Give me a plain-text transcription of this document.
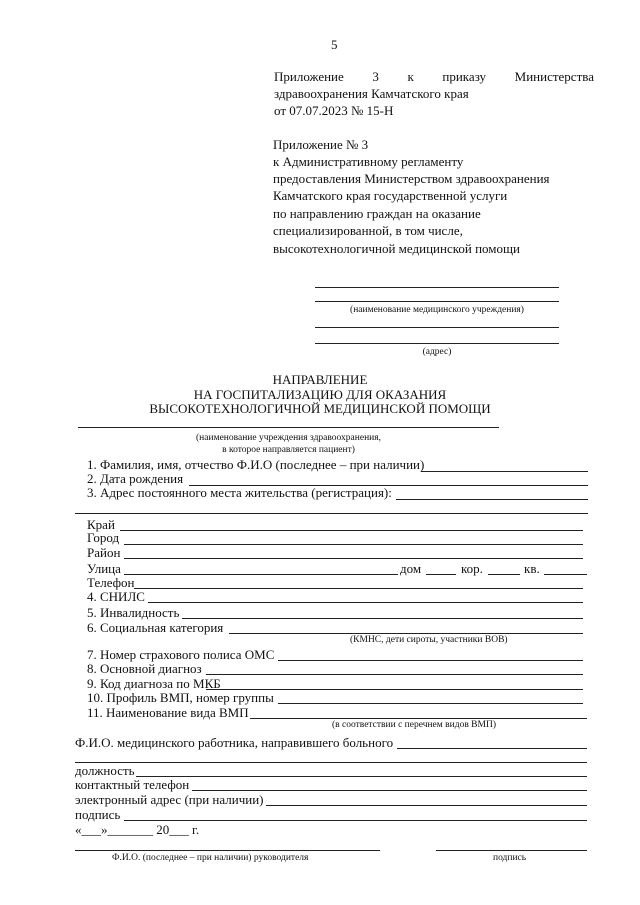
5
Приложение 3 к приказу Министерства
здравоохранения Камчатского края
от 07.07.2023 № 15-Н
Приложение № 3
к Административному регламенту
предоставления Министерством здравоохранения
Камчатского края государственной услуги
по направлению граждан на оказание
специализированной, в том числе,
высокотехнологичной медицинской помощи
(наименование медицинского учреждения)
(адрес)
НАПРАВЛЕНИЕ
НА ГОСПИТАЛИЗАЦИЮ ДЛЯ ОКАЗАНИЯ
ВЫСОКОТЕХНОЛОГИЧНОЙ МЕДИЦИНСКОЙ ПОМОЩИ
(наименование учреждения здравоохранения,
в которое направляется пациент)
1. Фамилия, имя, отчество Ф.И.О (последнее – при наличии)
2. Дата рождения
3. Адрес постоянного места жительства (регистрация):
Край
Город
Район
Улица	дом	кор.	кв.
Телефон
4. СНИЛС
5. Инвалидность
6. Социальная категория
(КМНС, дети сироты, участники ВОВ)
7. Номер страхового полиса ОМС
8. Основной диагноз
9. Код диагноза по МКБ
10. Профиль ВМП, номер группы
11. Наименование вида ВМП
(в соответствии с перечнем видов ВМП)
Ф.И.О. медицинского работника, направившего больного
должность
контактный телефон
электронный адрес (при наличии)
подпись
«___»_______ 20___ г.
Ф.И.О. (последнее – при наличии) руководителя	подпись
